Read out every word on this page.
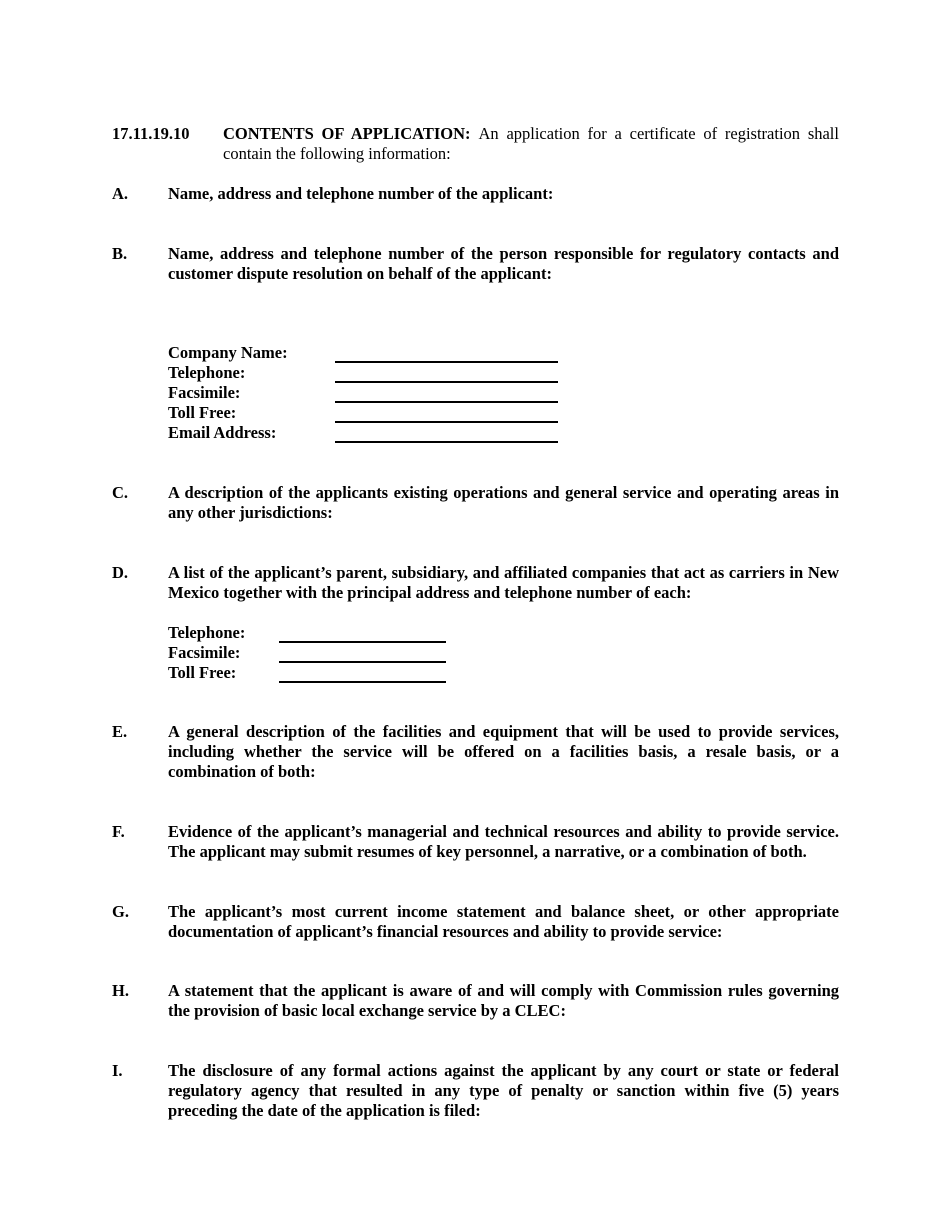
17.11.19.10 CONTENTS OF APPLICATION: An application for a certificate of registration shall contain the following information:
A. Name, address and telephone number of the applicant:
B. Name, address and telephone number of the person responsible for regulatory contacts and customer dispute resolution on behalf of the applicant:
Company Name:
Telephone:
Facsimile:
Toll Free:
Email Address:
C. A description of the applicants existing operations and general service and operating areas in any other jurisdictions:
D. A list of the applicant’s parent, subsidiary, and affiliated companies that act as carriers in New Mexico together with the principal address and telephone number of each:
Telephone:
Facsimile:
Toll Free:
E. A general description of the facilities and equipment that will be used to provide services, including whether the service will be offered on a facilities basis, a resale basis, or a combination of both:
F.	Evidence of the applicant’s managerial and technical resources and ability to provide service. The applicant may submit resumes of key personnel, a narrative, or a combination of both.
G. The applicant’s most current income statement and balance sheet, or other appropriate documentation of applicant’s financial resources and ability to provide service:
H. A statement that the applicant is aware of and will comply with Commission rules governing the provision of basic local exchange service by a CLEC:
I.	The disclosure of any formal actions against the applicant by any court or state or federal regulatory agency that resulted in any type of penalty or sanction within five (5) years preceding the date of the application is filed:
